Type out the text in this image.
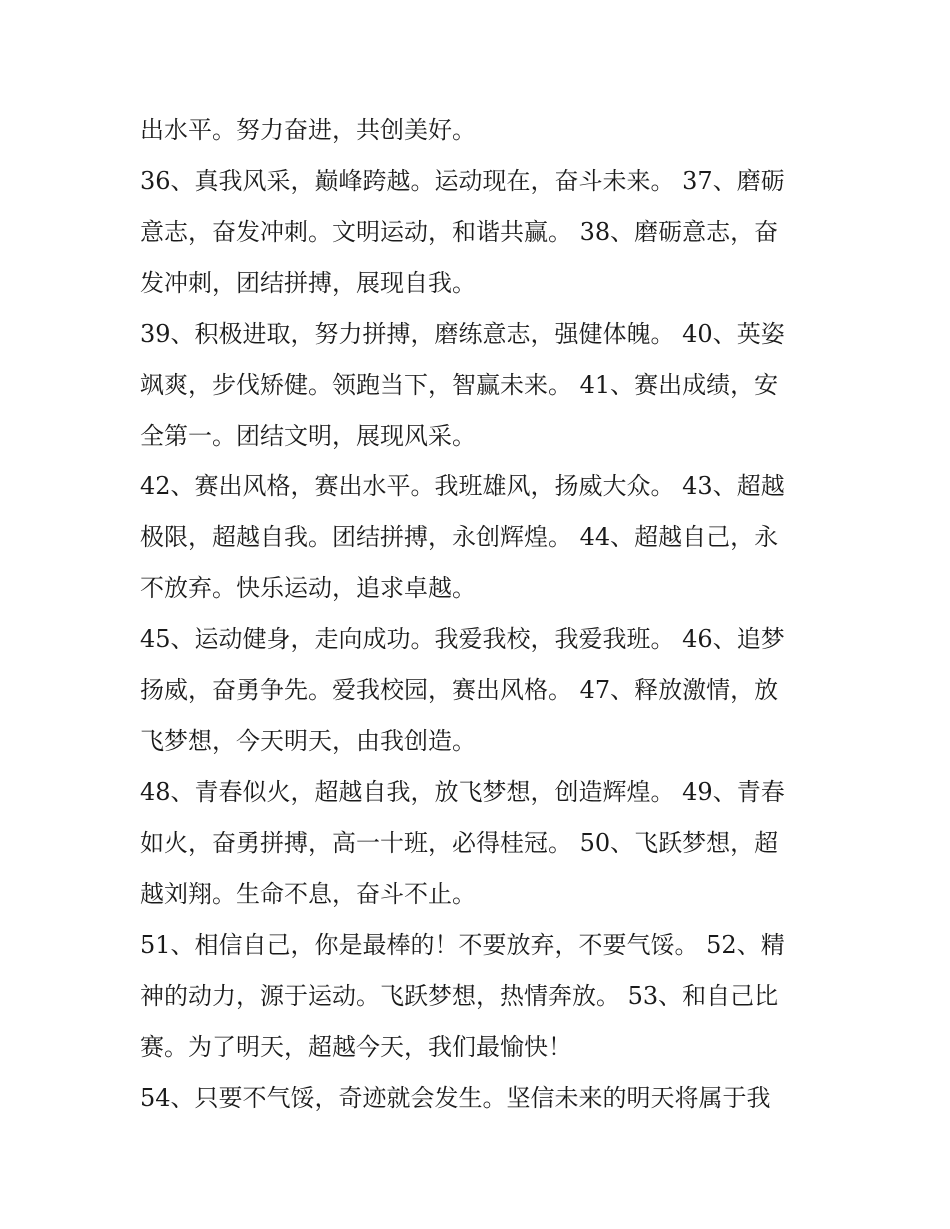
出水平。努力奋进，共创美好。
36、真我风采，巅峰跨越。运动现在，奋斗未来。 37、磨砺
意志，奋发冲刺。文明运动，和谐共赢。 38、磨砺意志，奋
发冲刺，团结拼搏，展现自我。
39、积极进取，努力拼搏，磨练意志，强健体魄。 40、英姿
飒爽，步伐矫健。领跑当下，智赢未来。 41、赛出成绩，安
全第一。团结文明，展现风采。
42、赛出风格，赛出水平。我班雄风，扬威大众。 43、超越
极限，超越自我。团结拼搏，永创辉煌。 44、超越自己，永
不放弃。快乐运动，追求卓越。
45、运动健身，走向成功。我爱我校，我爱我班。 46、追梦
扬威，奋勇争先。爱我校园，赛出风格。 47、释放激情，放
飞梦想，今天明天，由我创造。
48、青春似火，超越自我，放飞梦想，创造辉煌。 49、青春
如火，奋勇拼搏，高一十班，必得桂冠。 50、飞跃梦想，超
越刘翔。生命不息，奋斗不止。
51、相信自己，你是最棒的！不要放弃，不要气馁。 52、精
神的动力，源于运动。飞跃梦想，热情奔放。 53、和自己比
赛。为了明天，超越今天，我们最愉快！
54、只要不气馁，奇迹就会发生。坚信未来的明天将属于我
